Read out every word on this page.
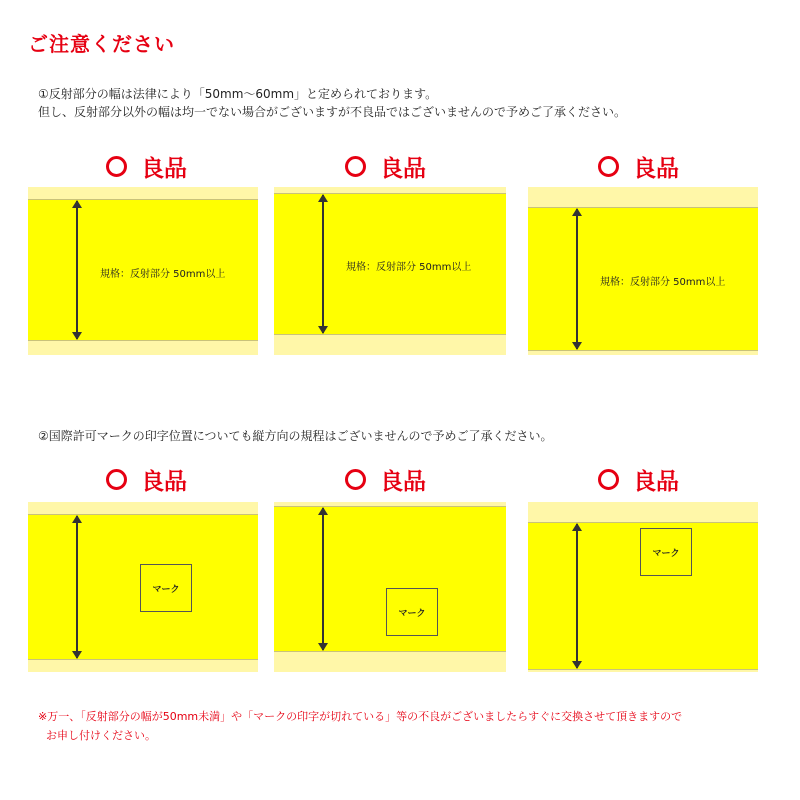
ご注意ください
①反射部分の幅は法律により「50mm〜60mm」と定められております。
但し、反射部分以外の幅は均一でない場合がございますが不良品ではございませんので予めご了承ください。
良品	良品	良品
規格：反射部分 50mm以上
規格：反射部分 50mm以上
規格：反射部分 50mm以上
②国際許可マークの印字位置についても縦方向の規程はございませんので予めご了承ください。
良品	良品	良品
マーク
マーク
マーク
※万一、「反射部分の幅が50mm未満」や「マークの印字が切れている」等の不良がございましたらすぐに交換させて頂きますので
お申し付けください。
